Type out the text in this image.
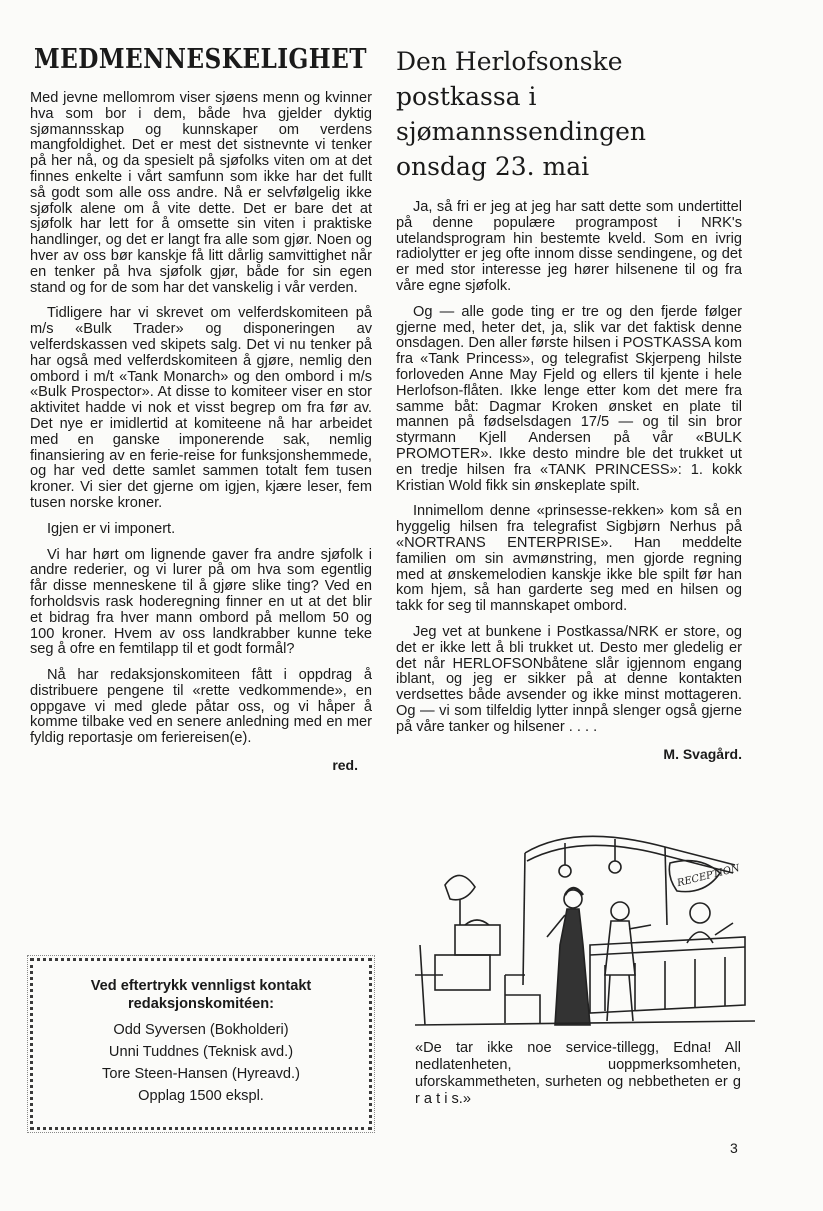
MEDMENNESKELIGHET

Med jevne mellomrom viser sjøens menn og kvinner hva som bor i dem, både hva gjelder dyktig sjømannsskap og kunnskaper om verdens mangfoldighet. Det er mest det sistnevnte vi tenker på her nå, og da spesielt på sjøfolks viten om at det finnes enkelte i vårt samfunn som ikke har det fullt så godt som alle oss andre. Nå er selvfølgelig ikke sjøfolk alene om å vite dette. Det er bare det at sjøfolk har lett for å omsette sin viten i praktiske handlinger, og det er langt fra alle som gjør. Noen og hver av oss bør kanskje få litt dårlig samvittighet når en tenker på hva sjøfolk gjør, både for sin egen stand og for de som har det vanskelig i vår verden.

Tidligere har vi skrevet om velferdskomiteen på m/s «Bulk Trader» og disponeringen av velferdskassen ved skipets salg. Det vi nu tenker på har også med velferdskomiteen å gjøre, nemlig den ombord i m/t «Tank Monarch» og den ombord i m/s «Bulk Prospector». At disse to komiteer viser en stor aktivitet hadde vi nok et visst begrep om fra før av. Det nye er imidlertid at komiteene nå har arbeidet med en ganske imponerende sak, nemlig finansiering av en ferie-reise for funksjonshemmede, og har ved dette samlet sammen totalt fem tusen kroner. Vi sier det gjerne om igjen, kjære leser, fem tusen norske kroner.

Igjen er vi imponert.

Vi har hørt om lignende gaver fra andre sjøfolk i andre rederier, og vi lurer på om hva som egentlig får disse menneskene til å gjøre slike ting? Ved en forholdsvis rask hoderegning finner en ut at det blir et bidrag fra hver mann ombord på mellom 50 og 100 kroner. Hvem av oss landkrabber kunne teke seg å ofre en femtilapp til et godt formål?

Nå har redaksjonskomiteen fått i oppdrag å distribuere pengene til «rette vedkommende», en oppgave vi med glede påtar oss, og vi håper å komme tilbake ved en senere anledning med en mer fyldig reportasje om feriereisen(e).

red.
Ved eftertrykk vennligst kontakt
redaksjonskomitéen:
Odd Syversen (Bokholderi)
Unni Tuddnes (Teknisk avd.)
Tore Steen-Hansen (Hyreavd.)
Opplag 1500 ekspl.
Den Herlofsonske postkassa i sjømannssendingen onsdag 23. mai

Ja, så fri er jeg at jeg har satt dette som undertittel på denne populære programpost i NRK's utelandsprogram hin bestemte kveld. Som en ivrig radiolytter er jeg ofte innom disse sendingene, og det er med stor interesse jeg hører hilsenene til og fra våre egne sjøfolk.

Og — alle gode ting er tre og den fjerde følger gjerne med, heter det, ja, slik var det faktisk denne onsdagen. Den aller første hilsen i POSTKASSA kom fra «Tank Princess», og telegrafist Skjerpeng hilste forloveden Anne May Fjeld og ellers til kjente i hele Herlofson-flåten. Ikke lenge etter kom det mere fra samme båt: Dagmar Kroken ønsket en plate til mannen på fødselsdagen 17/5 — og til sin bror styrmann Kjell Andersen på vår «BULK PROMOTER». Ikke desto mindre ble det trukket ut en tredje hilsen fra «TANK PRINCESS»: 1. kokk Kristian Wold fikk sin ønskeplate spilt.

Innimellom denne «prinsesse-rekken» kom så en hyggelig hilsen fra telegrafist Sigbjørn Nerhus på «NORTRANS ENTERPRISE». Han meddelte familien om sin avmønstring, men gjorde regning med at ønskemelodien kanskje ikke ble spilt før han kom hjem, så han garderte seg med en hilsen og takk for seg til mannskapet ombord.

Jeg vet at bunkene i Postkassa/NRK er store, og det er ikke lett å bli trukket ut. Desto mer gledelig er det når HERLOFSONbåtene slår igjennom engang iblant, og jeg er sikker på at denne kontakten verdsettes både avsender og ikke minst mottageren. Og — vi som tilfeldig lytter innpå slenger også gjerne på våre tanker og hilsener . . . .

M. Svagård.
RECEPTION
«De tar ikke noe service-tillegg, Edna! All nedlatenheten, uoppmerksomheten, uforskammetheten, surheten og nebbetheten er g r a t i s.»
3
